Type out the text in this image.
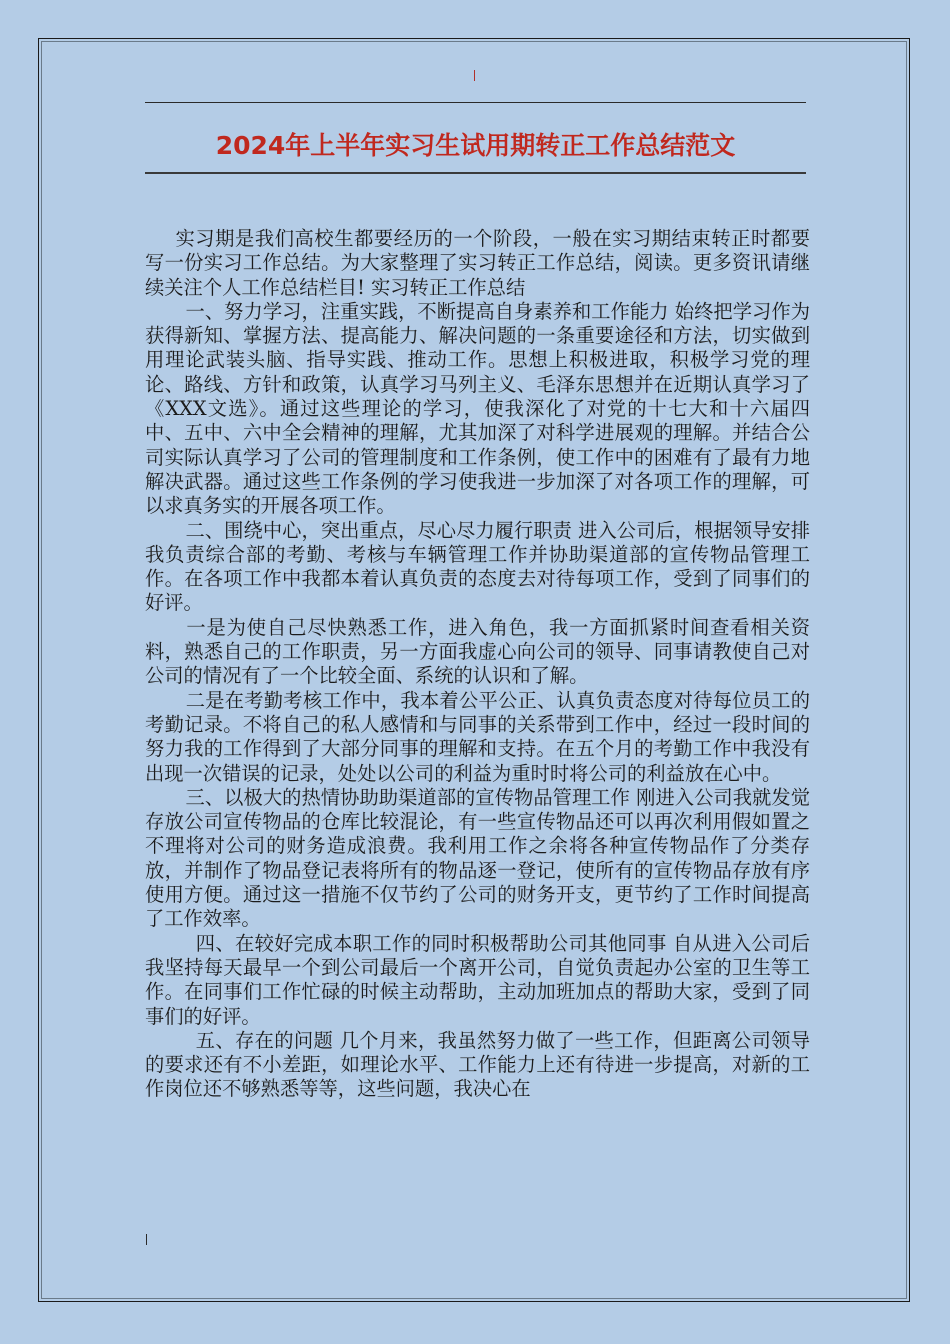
2024年上半年实习生试用期转正工作总结范文

　实习期是我们高校生都要经历的一个阶段，一般在实习期结束转正时都要写一份实习工作总结。为大家整理了实习转正工作总结，阅读。更多资讯请继续关注个人工作总结栏目! 实习转正工作总结

　一、努力学习，注重实践，不断提高自身素养和工作能力 始终把学习作为获得新知、掌握方法、提高能力、解决问题的一条重要途径和方法，切实做到用理论武装头脑、指导实践、推动工作。思想上积极进取，积极学习党的理论、路线、方针和政策，认真学习马列主义、毛泽东思想并在近期认真学习了《XXX文选》。通过这些理论的学习，使我深化了对党的十七大和十六届四中、五中、六中全会精神的理解，尤其加深了对科学进展观的理解。并结合公司实际认真学习了公司的管理制度和工作条例，使工作中的困难有了最有力地解决武器。通过这些工作条例的学习使我进一步加深了对各项工作的理解，可以求真务实的开展各项工作。

　二、围绕中心，突出重点，尽心尽力履行职责 进入公司后，根据领导安排我负责综合部的考勤、考核与车辆管理工作并协助渠道部的宣传物品管理工作。在各项工作中我都本着认真负责的态度去对待每项工作，受到了同事们的好评。

　一是为使自己尽快熟悉工作，进入角色，我一方面抓紧时间查看相关资料，熟悉自己的工作职责，另一方面我虚心向公司的领导、同事请教使自己对公司的情况有了一个比较全面、系统的认识和了解。

　二是在考勤考核工作中，我本着公平公正、认真负责态度对待每位员工的考勤记录。不将自己的私人感情和与同事的关系带到工作中，经过一段时间的努力我的工作得到了大部分同事的理解和支持。在五个月的考勤工作中我没有出现一次错误的记录，处处以公司的利益为重时时将公司的利益放在心中。

　三、以极大的热情协助助渠道部的宣传物品管理工作 刚进入公司我就发觉存放公司宣传物品的仓库比较混论，有一些宣传物品还可以再次利用假如置之不理将对公司的财务造成浪费。我利用工作之余将各种宣传物品作了分类存放，并制作了物品登记表将所有的物品逐一登记，使所有的宣传物品存放有序使用方便。通过这一措施不仅节约了公司的财务开支，更节约了工作时间提高了工作效率。

　　四、在较好完成本职工作的同时积极帮助公司其他同事 自从进入公司后我坚持每天最早一个到公司最后一个离开公司，自觉负责起办公室的卫生等工作。在同事们工作忙碌的时候主动帮助，主动加班加点的帮助大家，受到了同事们的好评。

　　五、存在的问题 几个月来，我虽然努力做了一些工作，但距离公司领导的要求还有不小差距，如理论水平、工作能力上还有待进一步提高，对新的工作岗位还不够熟悉等等，这些问题，我决心在
